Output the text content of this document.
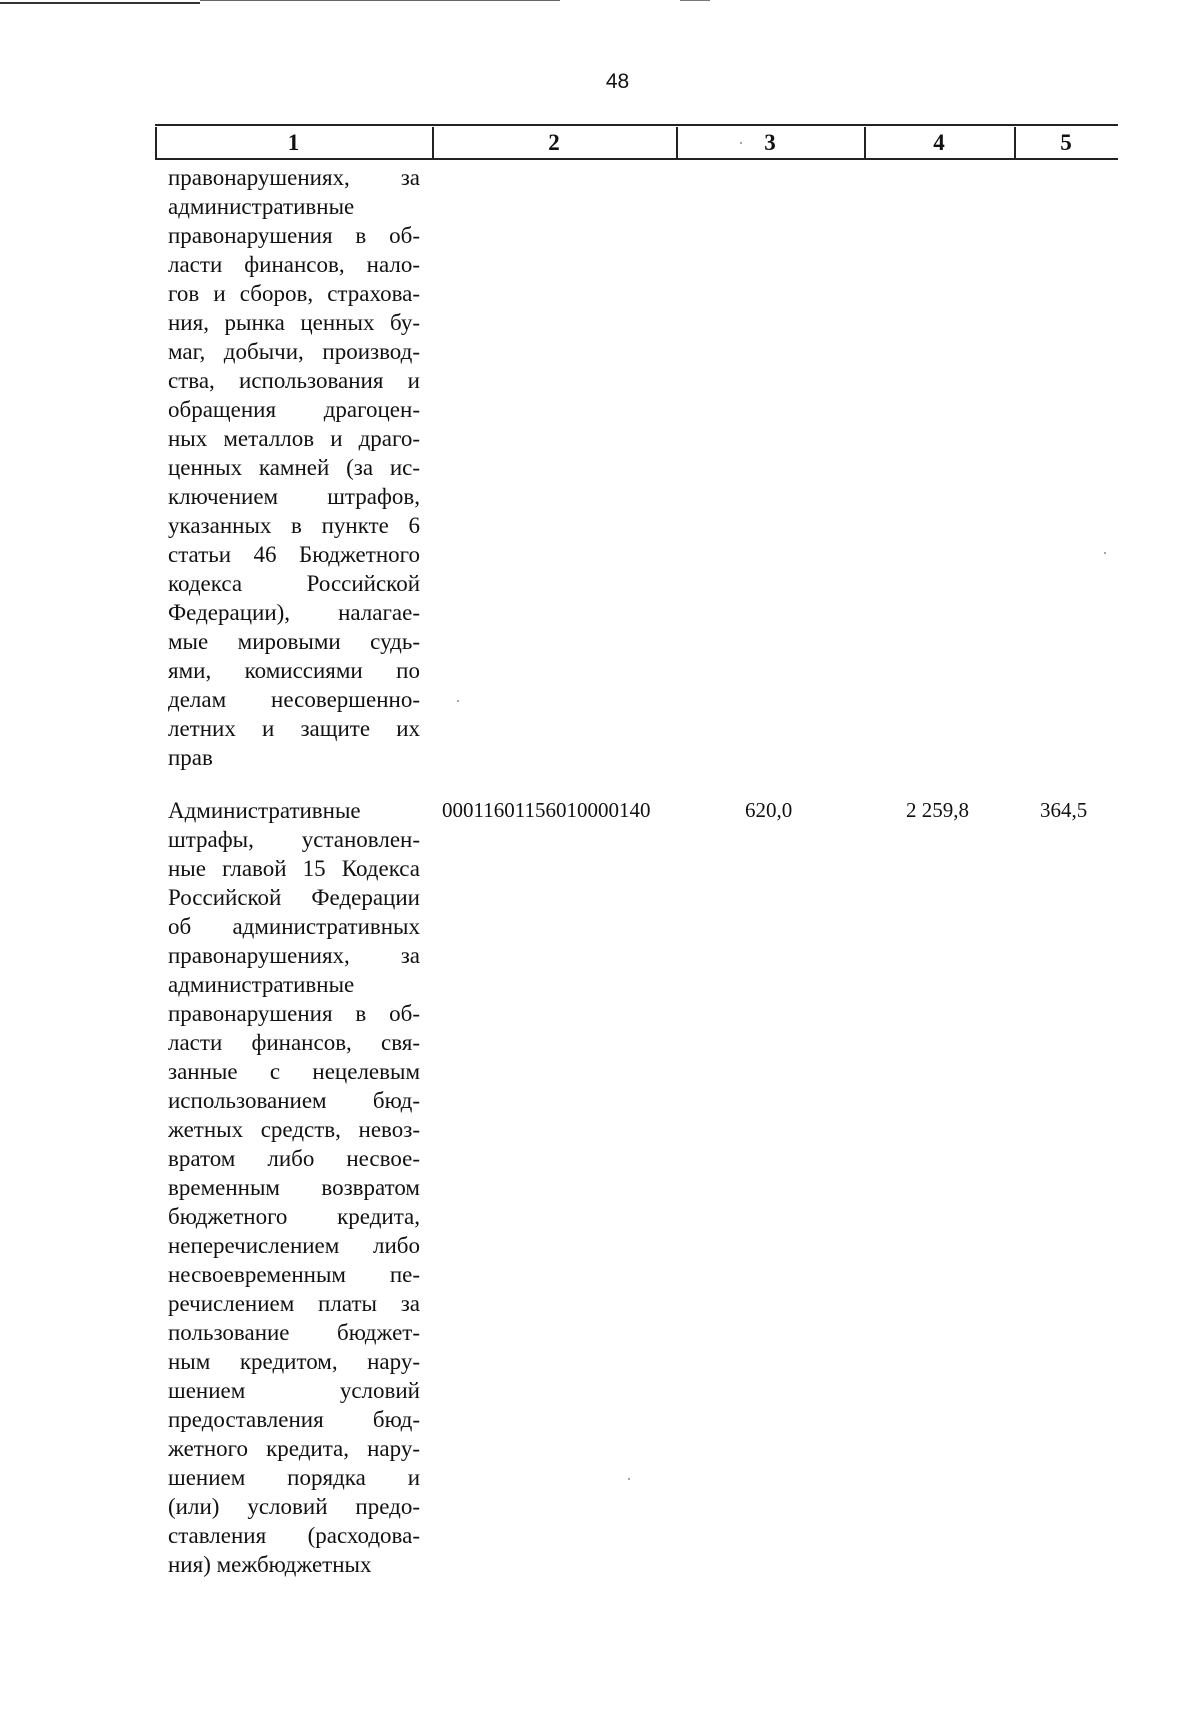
48
1	2	3	4	5
правонарушениях, за
административные
правонарушения в об-
ласти финансов, нало-
гов и сборов, страхова-
ния, рынка ценных бу-
маг, добычи, производ-
ства, использования и
обращения драгоцен-
ных металлов и драго-
ценных камней (за ис-
ключением штрафов,
указанных в пункте 6
статьи 46 Бюджетного
кодекса Российской
Федерации), налагае-
мые мировыми судь-
ями, комиссиями по
делам несовершенно-
летних и защите их
прав
Административные
штрафы, установлен-
ные главой 15 Кодекса
Российской Федерации
об административных
правонарушениях, за
административные
правонарушения в об-
ласти финансов, свя-
занные с нецелевым
использованием бюд-
жетных средств, невоз-
вратом либо несвое-
временным возвратом
бюджетного кредита,
неперечислением либо
несвоевременным пе-
речислением платы за
пользование бюджет-
ным кредитом, нару-
шением условий
предоставления бюд-
жетного кредита, нару-
шением порядка и
(или) условий предо-
ставления (расходова-
ния) межбюджетных
00011601156010000140	620,0	2 259,8	364,5
